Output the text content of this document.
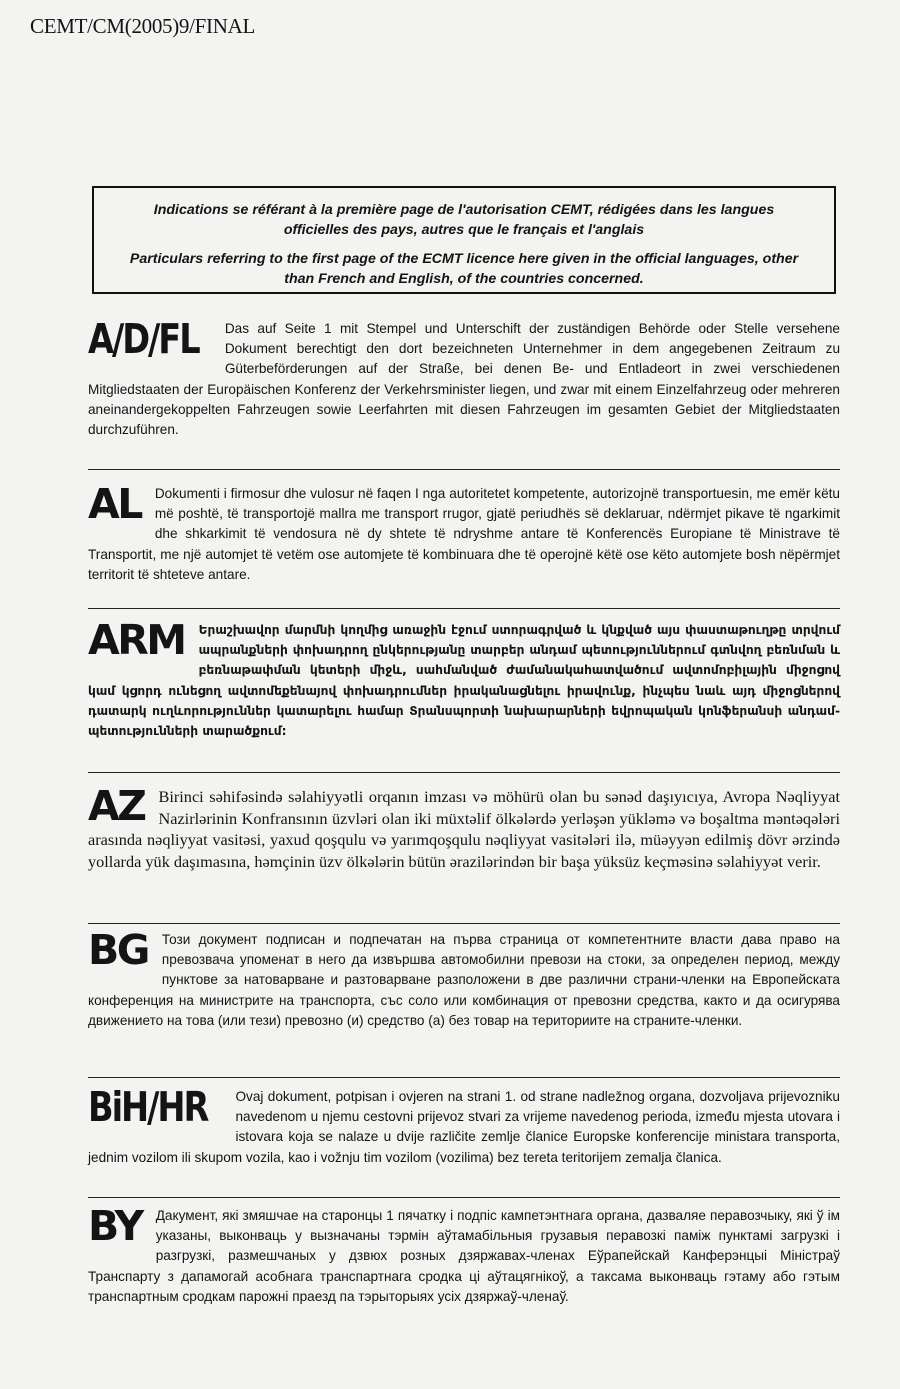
CEMT/CM(2005)9/FINAL

Indications se référant à la première page de l'autorisation CEMT, rédigées dans les langues officielles des pays, autres que le français et l'anglais

Particulars referring to the first page of the ECMT licence here given in the official languages, other than French and English, of the countries concerned.

A/D/FL	Das auf Seite 1 mit Stempel und Unterschift der zuständigen Behörde oder Stelle versehene Dokument berechtigt den dort bezeichneten Unternehmer in dem angegebenen Zeitraum zu Güterbeförderungen auf der Straße, bei denen Be- und Entladeort in zwei verschiedenen Mitgliedstaaten der Europäischen Konferenz der Verkehrsminister liegen, und zwar mit einem Einzelfahrzeug oder mehreren aneinandergekoppelten Fahrzeugen sowie Leerfahrten mit diesen Fahrzeugen im gesamten Gebiet der Mitgliedstaaten durchzuführen.

AL	Dokumenti i firmosur dhe vulosur në faqen I nga autoritetet kompetente, autorizojnë transportuesin, me emër këtu më poshtë, të transportojë mallra me transport rrugor, gjatë periudhës së deklaruar, ndërmjet pikave të ngarkimit dhe shkarkimit të vendosura në dy shtete të ndryshme antare të Konferencës Europiane të Ministrave të Transportit, me një automjet të vetëm ose automjete të kombinuara dhe të operojnë këtë ose këto automjete bosh nëpërmjet territorit të shteteve antare.

ARM	Երաշխավոր մարմնի կողմից առաջին էջում ստորագրված և կնքված այս փաստաթուղթը տրվում ապրանքների փոխադրող ընկերությանը տարբեր անդամ պետություններում գտնվող բեռնման և բեռնաթափման կետերի միջև, սահմանված ժամանակահատվածում ավտոմոբիլային միջոցով կամ կցորդ ունեցող ավտոմեքենայով փոխադրումներ իրականացնելու իրավունք, ինչպես նաև այդ միջոցներով դատարկ ուղևորություններ կատարելու համար Տրանսպորտի նախարարների եվրոպական կոնֆերանսի անդամ-պետությունների տարածքում:

AZ Birinci səhifəsində səlahiyyətli orqanın imzası və möhürü olan bu sənəd daşıyıcıya, Avropa Nəqliyyat Nazirlərinin Konfransının üzvləri olan iki müxtəlif ölkələrdə yerləşən yükləmə və boşaltma məntəqələri arasında nəqliyyat vasitəsi, yaxud qoşqulu və yarımqoşqulu nəqliyyat vasitələri ilə, müəyyən edilmiş dövr ərzində yollarda yük daşımasına, həmçinin üzv ölkələrin bütün ərazilərindən bir başa yüksüz keçməsinə səlahiyyət verir.

BG	Този документ подписан и подпечатан на първа страница от компетентните власти дава право на превозвача упоменат в него да извършва автомобилни превози на стоки, за определен период, между пунктове за натоварване и разтоварване разположени в две различни страни-членки на Европейската конференция на министрите на транспорта, със соло или комбинация от превозни средства, както и да осигурява движението на това (или тези) превозно (и) средство (а) без товар на териториите на страните-членки.

BiH/HR	Ovaj dokument, potpisan i ovjeren na strani 1. od strane nadležnog organa, dozvoljava prijevozniku navedenom u njemu cestovni prijevoz stvari za vrijeme navedenog perioda, između mjesta utovara i istovara koja se nalaze u dvije različite zemlje članice Europske konferencije ministara transporta, jednim vozilom ili skupom vozila, kao i vožnju tim vozilom (vozilima) bez tereta teritorijem zemalja članica.

BY	Дакумент, які змяшчае на старонцы 1 пячатку і подпіс кампетэнтнага органа, дазваляе перавозчыку, які ў ім указаны, выконваць у вызначаны тэрмін аўтамабільныя грузавыя перавозкі паміж пунктамі загрузкі і разгрузкі, размешчаных у дзвюх розных дзяржавах-членах Еўрапейскай Канферэнцыі Міністраў Транспарту з дапамогай асобнага транспартнага сродка ці аўтацягнікоў, а таксама выконваць гэтаму або гэтым транспартным сродкам парожні праезд па тэрыторыях усіх дзяржаў-членаў.
